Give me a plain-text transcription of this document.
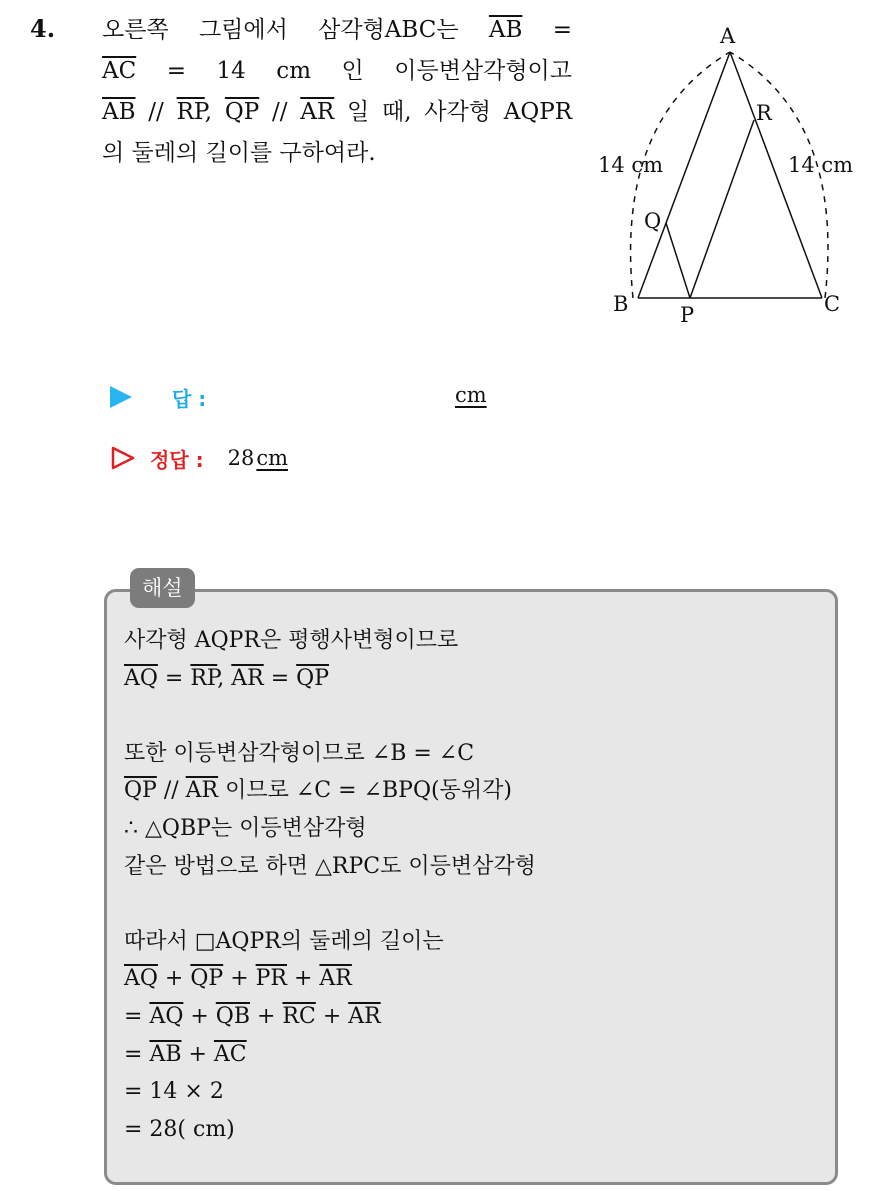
4. 오른쪽 그림에서 삼각형ABC는 $\overline{AB}$ =
$\overline{AC} = 14$ cm 인 이등변삼각형이고
$\overline{AB} // \overline{RP}$, $\overline{QP} // \overline{AR}$ 일 때, 사각형 AQPR
의 둘레의 길이를 구하여라.
A
B	C
P
Q
R
14 cm	14 cm
답 :	cm
정답 : 28cm
해설
사각형 AQPR은 평행사변형이므로
$\overline{AQ} = \overline{RP}$, $\overline{AR} = \overline{QP}$
또한 이등변삼각형이므로 ∠B = ∠C
$\overline{QP} // \overline{AR}$ 이므로 ∠C = ∠BPQ(동위각)
∴ △QBP는 이등변삼각형
같은 방법으로 하면 △RPC도 이등변삼각형
따라서 □AQPR의 둘레의 길이는
$\overline{AQ} + \overline{QP} + \overline{PR} + \overline{AR}$
= $\overline{AQ} + \overline{QB} + \overline{RC} + \overline{AR}$
= $\overline{AB} + \overline{AC}$
= 14 × 2
= 28( cm)
